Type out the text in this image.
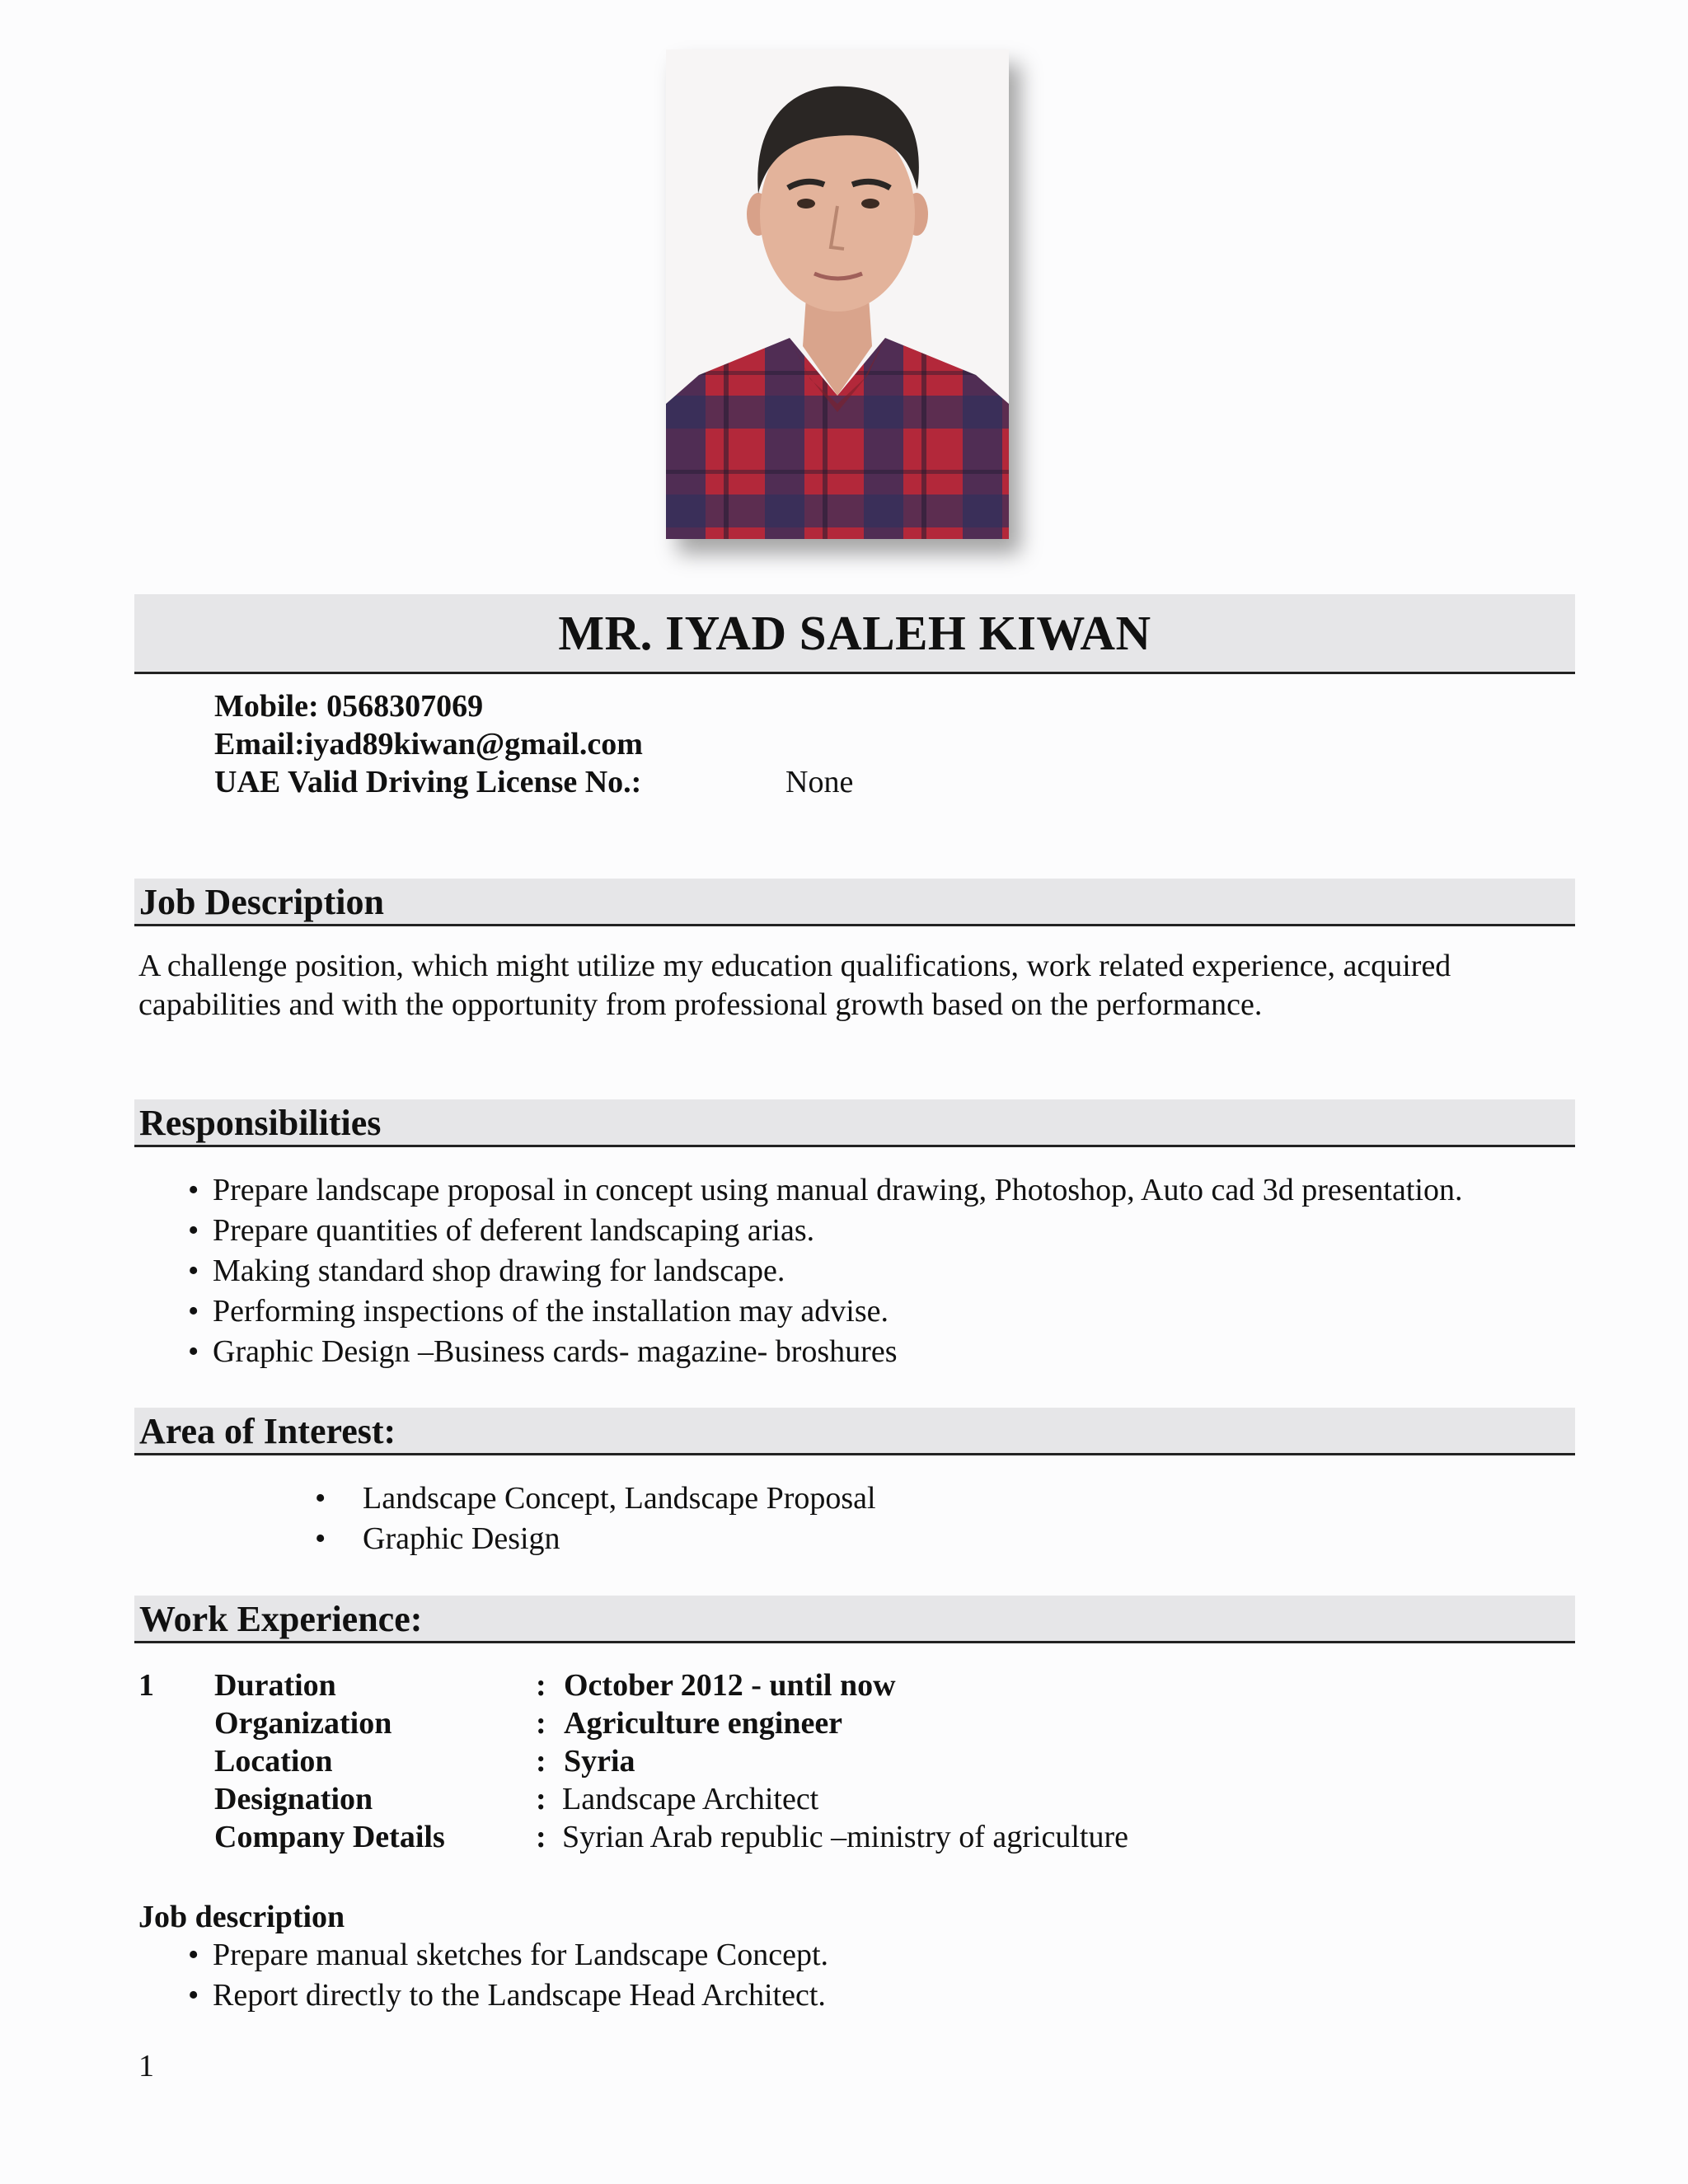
MR. IYAD SALEH KIWAN
Mobile: 0568307069
Email:iyad89kiwan@gmail.com
UAE Valid Driving License No.:	None
Job Description
A challenge position, which might utilize my education qualifications, work related experience, acquired
capabilities and with the opportunity from professional growth based on the performance.
Responsibilities
• Prepare landscape proposal in concept using manual drawing, Photoshop, Auto cad 3d presentation.
• Prepare quantities of deferent landscaping arias.
• Making standard shop drawing for landscape.
• Performing inspections of the installation may advise.
• Graphic Design –Business cards- magazine- broshures
Area of Interest:
• Landscape Concept, Landscape Proposal
• Graphic Design
Work Experience:
1 Duration	: October 2012 - until now
Organization	: Agriculture engineer
Location	: Syria
Designation	: Landscape Architect
Company Details	: Syrian Arab republic –ministry of agriculture
Job description
• Prepare manual sketches for Landscape Concept.
• Report directly to the Landscape Head Architect.
1
